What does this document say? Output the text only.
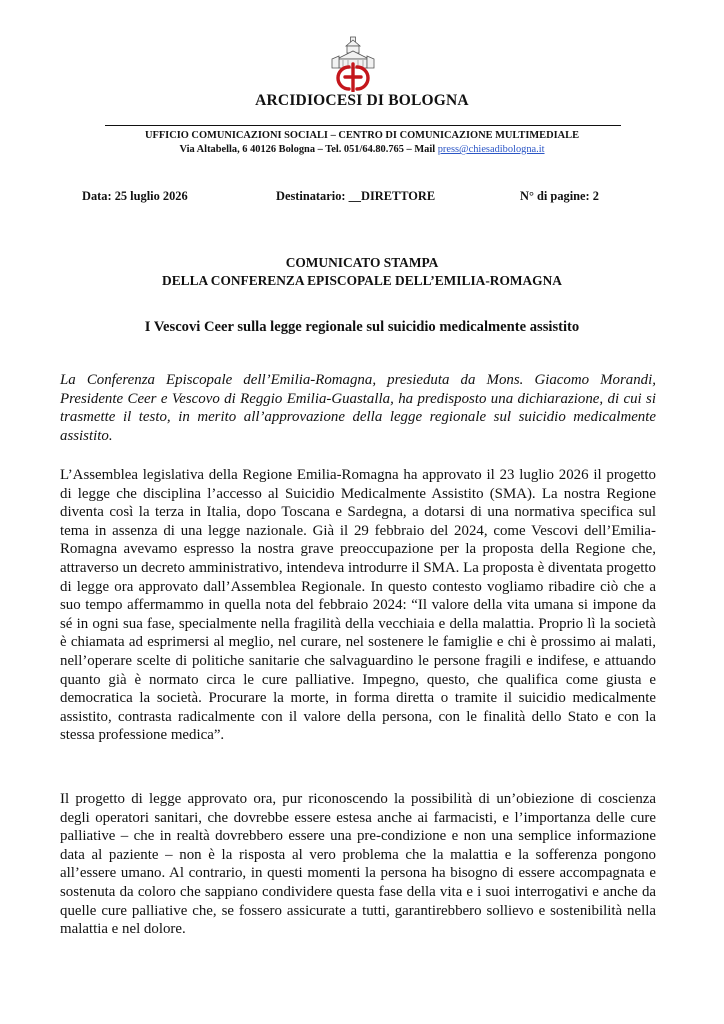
ARCIDIOCESI DI BOLOGNA
UFFICIO COMUNICAZIONI SOCIALI – CENTRO DI COMUNICAZIONE MULTIMEDIALE
Via Altabella, 6 40126 Bologna – Tel. 051/64.80.765 – Mail press@chiesadibologna.it
Data: 25 luglio 2026	Destinatario: __DIRETTORE	N° di pagine: 2
COMUNICATO STAMPA
DELLA CONFERENZA EPISCOPALE DELL’EMILIA-ROMAGNA
I Vescovi Ceer sulla legge regionale sul suicidio medicalmente assistito
La Conferenza Episcopale dell’Emilia-Romagna, presieduta da Mons. Giacomo Morandi, Presidente Ceer e Vescovo di Reggio Emilia-Guastalla, ha predisposto una dichiarazione, di cui si trasmette il testo, in merito all’approvazione della legge regionale sul suicidio medicalmente assistito.
L’Assemblea legislativa della Regione Emilia-Romagna ha approvato il 23 luglio 2026 il progetto di legge che disciplina l’accesso al Suicidio Medicalmente Assistito (SMA). La nostra Regione diventa così la terza in Italia, dopo Toscana e Sardegna, a dotarsi di una normativa specifica sul tema in assenza di una legge nazionale. Già il 29 febbraio del 2024, come Vescovi dell’Emilia-Romagna avevamo espresso la nostra grave preoccupazione per la proposta della Regione che, attraverso un decreto amministrativo, intendeva introdurre il SMA. La proposta è diventata progetto di legge ora approvato dall’Assemblea Regionale. In questo contesto vogliamo ribadire ciò che a suo tempo affermammo in quella nota del febbraio 2024: “Il valore della vita umana si impone da sé in ogni sua fase, specialmente nella fragilità della vecchiaia e della malattia. Proprio lì la società è chiamata ad esprimersi al meglio, nel curare, nel sostenere le famiglie e chi è prossimo ai malati, nell’operare scelte di politiche sanitarie che salvaguardino le persone fragili e indifese, e attuando quanto già è normato circa le cure palliative. Impegno, questo, che qualifica come giusta e democratica la società. Procurare la morte, in forma diretta o tramite il suicidio medicalmente assistito, contrasta radicalmente con il valore della persona, con le finalità dello Stato e con la stessa professione medica”.
Il progetto di legge approvato ora, pur riconoscendo la possibilità di un’obiezione di coscienza degli operatori sanitari, che dovrebbe essere estesa anche ai farmacisti, e l’importanza delle cure palliative – che in realtà dovrebbero essere una pre-condizione e non una semplice informazione data al paziente – non è la risposta al vero problema che la malattia e la sofferenza pongono all’essere umano. Al contrario, in questi momenti la persona ha bisogno di essere accompagnata e sostenuta da coloro che sappiano condividere questa fase della vita e i suoi interrogativi e anche da quelle cure palliative che, se fossero assicurate a tutti, garantirebbero sollievo e sostenibilità nella malattia e nel dolore.
